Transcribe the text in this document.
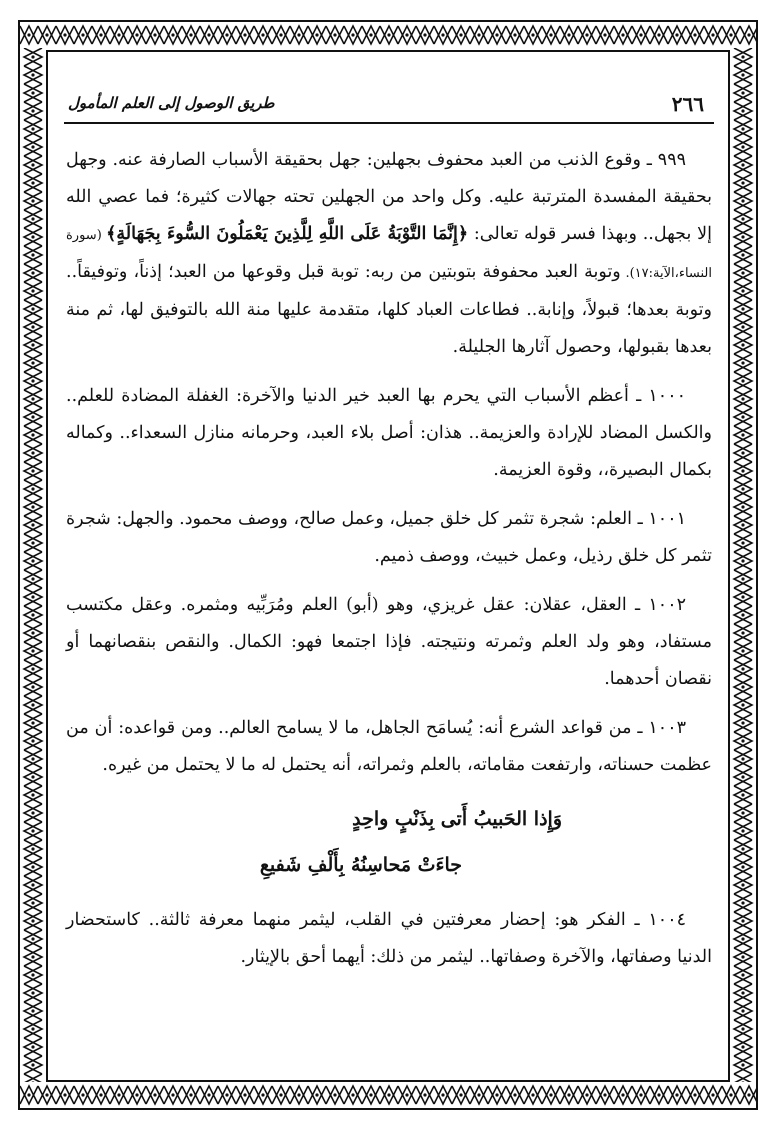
٢٦٦
طريق الوصول إلى العلم المأمول

٩٩٩ ـ وقوع الذنب من العبد محفوف بجهلين: جهل بحقيقة الأسباب الصارفة عنه. وجهل بحقيقة المفسدة المترتبة عليه. وكل واحد من الجهلين تحته جهالات كثيرة؛ فما عصي الله إلا بجهل.. وبهذا فسر قوله تعالى: ﴿إِنَّمَا التَّوْبَةُ عَلَى اللَّهِ لِلَّذِينَ يَعْمَلُونَ السُّوءَ بِجَهَالَةٍ﴾ (سورة النساء،الآية:١٧). وتوبة العبد محفوفة بتوبتين من ربه: توبة قبل وقوعها من العبد؛ إذناً، وتوفيقاً.. وتوبة بعدها؛ قبولاً، وإنابة.. فطاعات العباد كلها، متقدمة عليها منة الله بالتوفيق لها، ثم منة بعدها بقبولها، وحصول آثارها الجليلة.

١٠٠٠ ـ أعظم الأسباب التي يحرم بها العبد خير الدنيا والآخرة: الغفلة المضادة للعلم.. والكسل المضاد للإرادة والعزيمة.. هذان: أصل بلاء العبد، وحرمانه منازل السعداء.. وكماله بكمال البصيرة،، وقوة العزيمة.

١٠٠١ ـ العلم: شجرة تثمر كل خلق جميل، وعمل صالح، ووصف محمود. والجهل: شجرة تثمر كل خلق رذيل، وعمل خبيث، ووصف ذميم.

١٠٠٢ ـ العقل، عقلان: عقل غريزي، وهو (أبو) العلم ومُرَبِّيه ومثمره. وعقل مكتسب مستفاد، وهو ولد العلم وثمرته ونتيجته. فإذا اجتمعا فهو: الكمال. والنقص بنقصانهما أو نقصان أحدهما.

١٠٠٣ ـ من قواعد الشرع أنه: يُسامَح الجاهل، ما لا يسامح العالم.. ومن قواعده: أن من عظمت حسناته، وارتفعت مقاماته، بالعلم وثمراته، أنه يحتمل له ما لا يحتمل من غيره.

وَإِذا الحَبيبُ أَتى بِذَنْبٍ واحِدٍ
جاءَتْ مَحاسِنُهُ بِأَلْفِ شَفيعِ

١٠٠٤ ـ الفكر هو: إحضار معرفتين في القلب، ليثمر منهما معرفة ثالثة.. كاستحضار الدنيا وصفاتها، والآخرة وصفاتها.. ليثمر من ذلك: أيهما أحق بالإيثار.
